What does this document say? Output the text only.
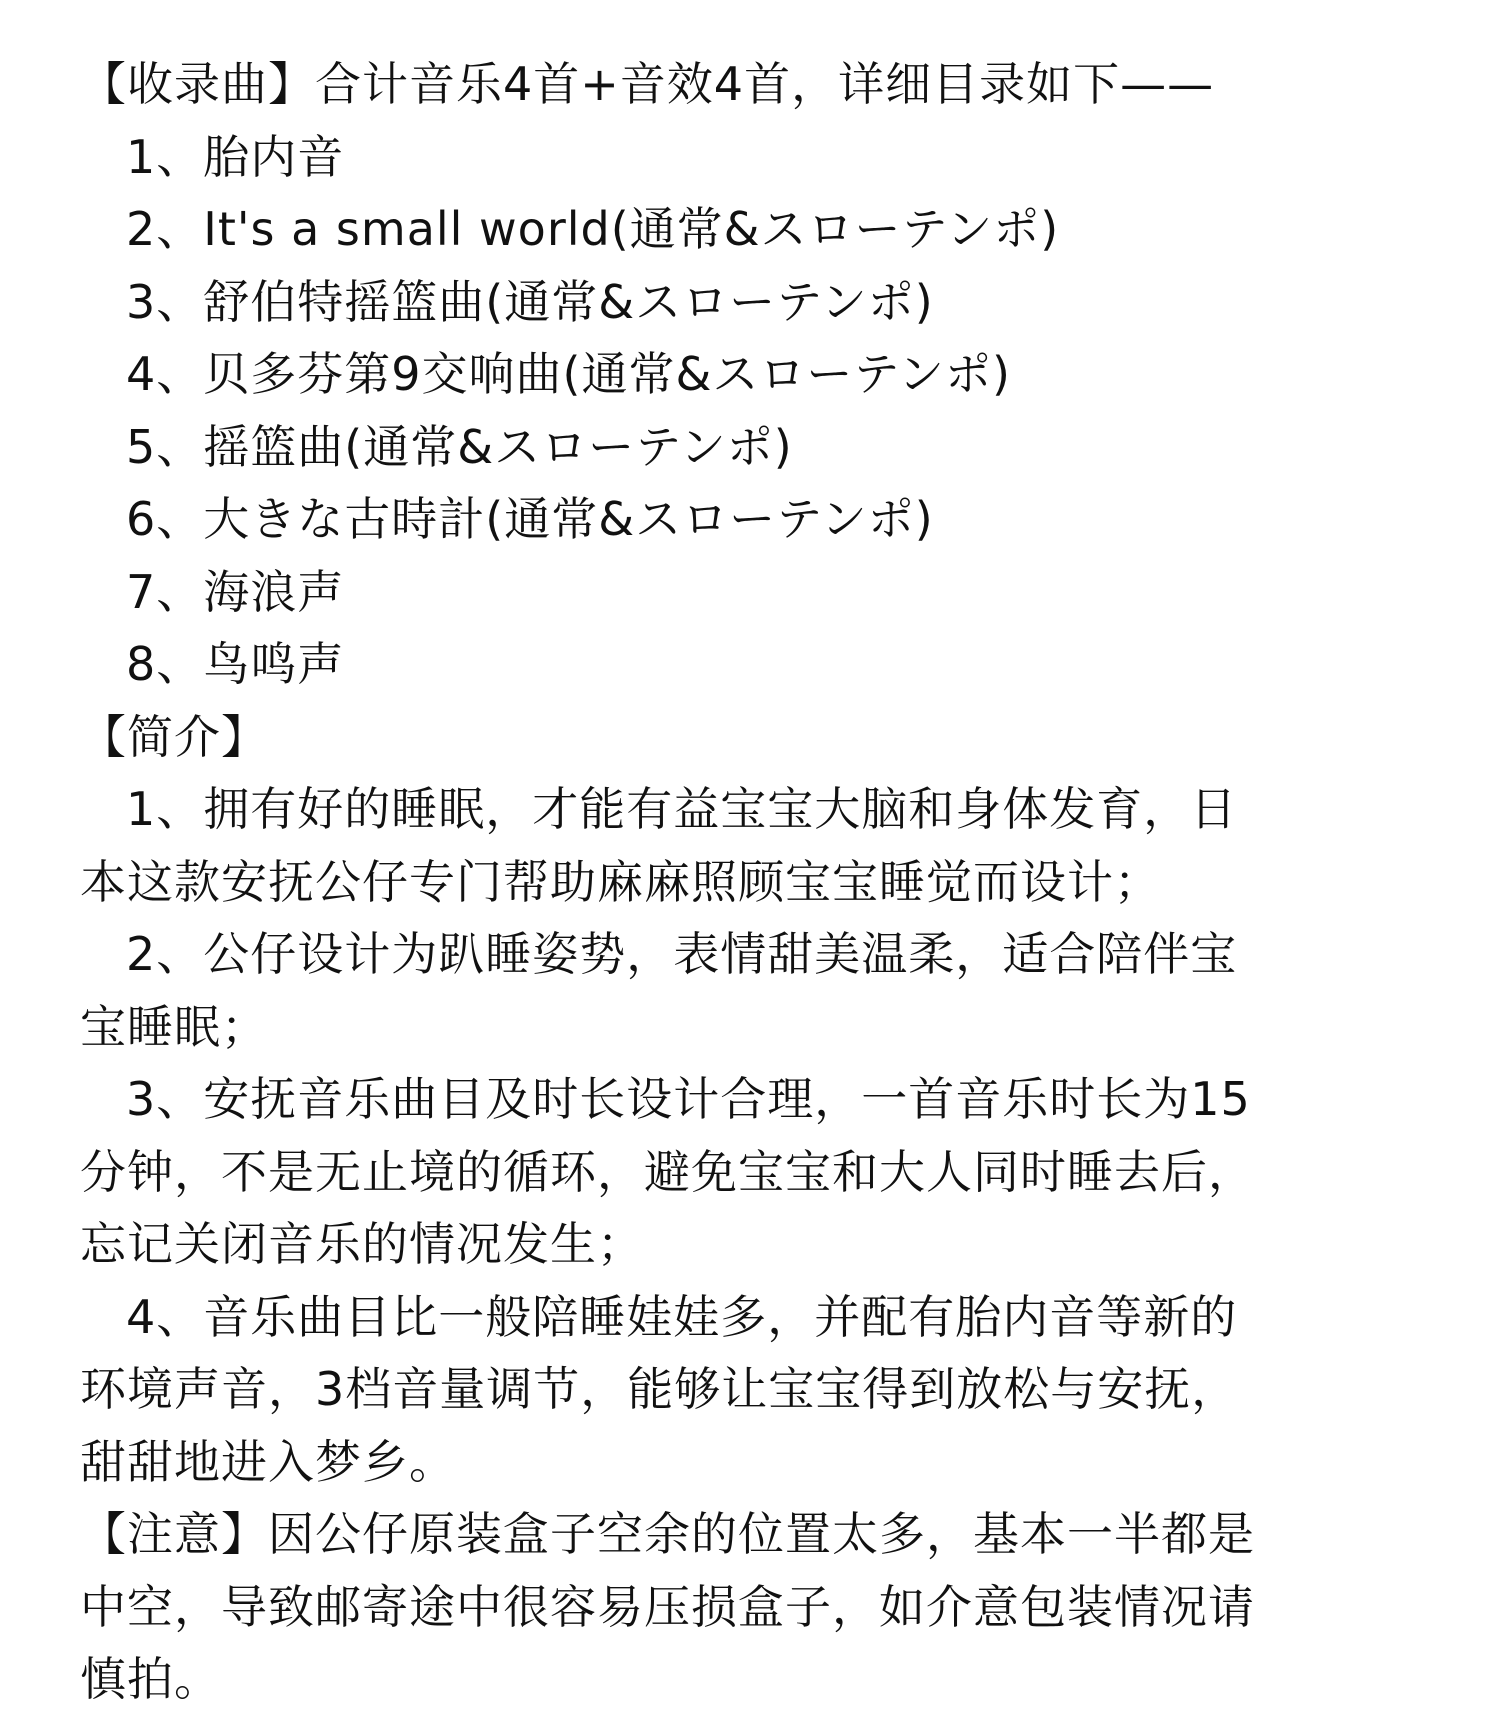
【收录曲】合计音乐4首+音效4首，详细目录如下——
1、胎内音
2、It's a small world(通常&スローテンポ)
3、舒伯特摇篮曲(通常&スローテンポ)
4、贝多芬第9交响曲(通常&スローテンポ)
5、摇篮曲(通常&スローテンポ)
6、大きな古時計(通常&スローテンポ)
7、海浪声
8、鸟鸣声
【简介】
1、拥有好的睡眠，才能有益宝宝大脑和身体发育，日本这款安抚公仔专门帮助麻麻照顾宝宝睡觉而设计；
2、公仔设计为趴睡姿势，表情甜美温柔，适合陪伴宝宝睡眠；
3、安抚音乐曲目及时长设计合理，一首音乐时长为15分钟，不是无止境的循环，避免宝宝和大人同时睡去后，忘记关闭音乐的情况发生；
4、音乐曲目比一般陪睡娃娃多，并配有胎内音等新的环境声音，3档音量调节，能够让宝宝得到放松与安抚，甜甜地进入梦乡。
【注意】因公仔原装盒子空余的位置太多，基本一半都是中空，导致邮寄途中很容易压损盒子，如介意包装情况请慎拍。
